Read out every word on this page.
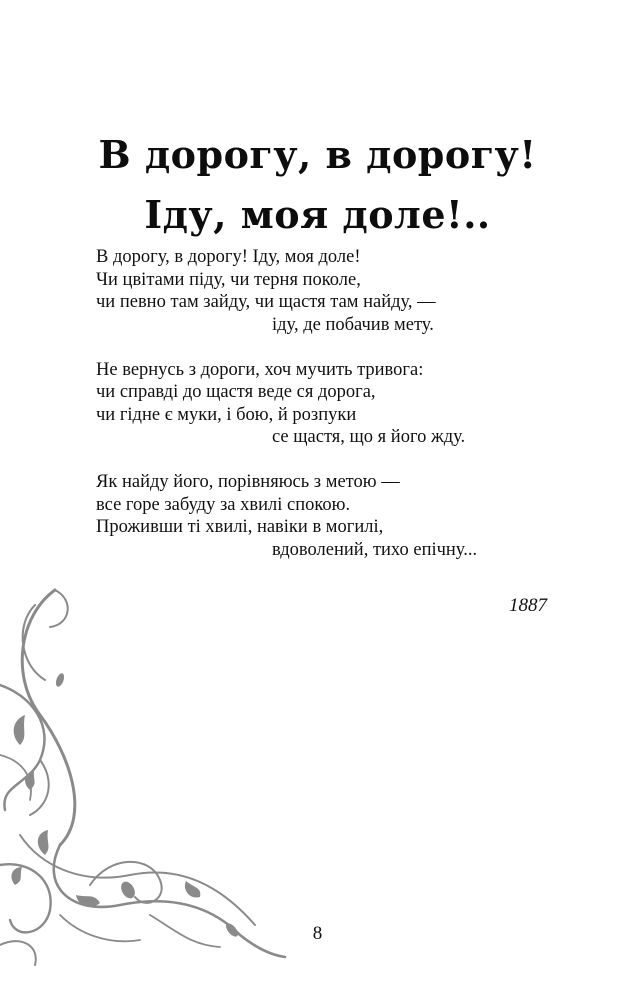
В дорогу, в дорогу!
Іду, моя доле!..
В дорогу, в дорогу! Іду, моя доле!
Чи цвітами піду, чи терня поколе,
чи певно там зайду, чи щастя там найду, —
іду, де побачив мету.
Не вернусь з дороги, хоч мучить тривога:
чи справді до щастя веде ся дорога,
чи гідне є муки, і бою, й розпуки
се щастя, що я його жду.
Як найду його, порівняюсь з метою —
все горе забуду за хвилі спокою.
Проживши ті хвилі, навіки в могилі,
вдоволений, тихо епічну...
1887
8
